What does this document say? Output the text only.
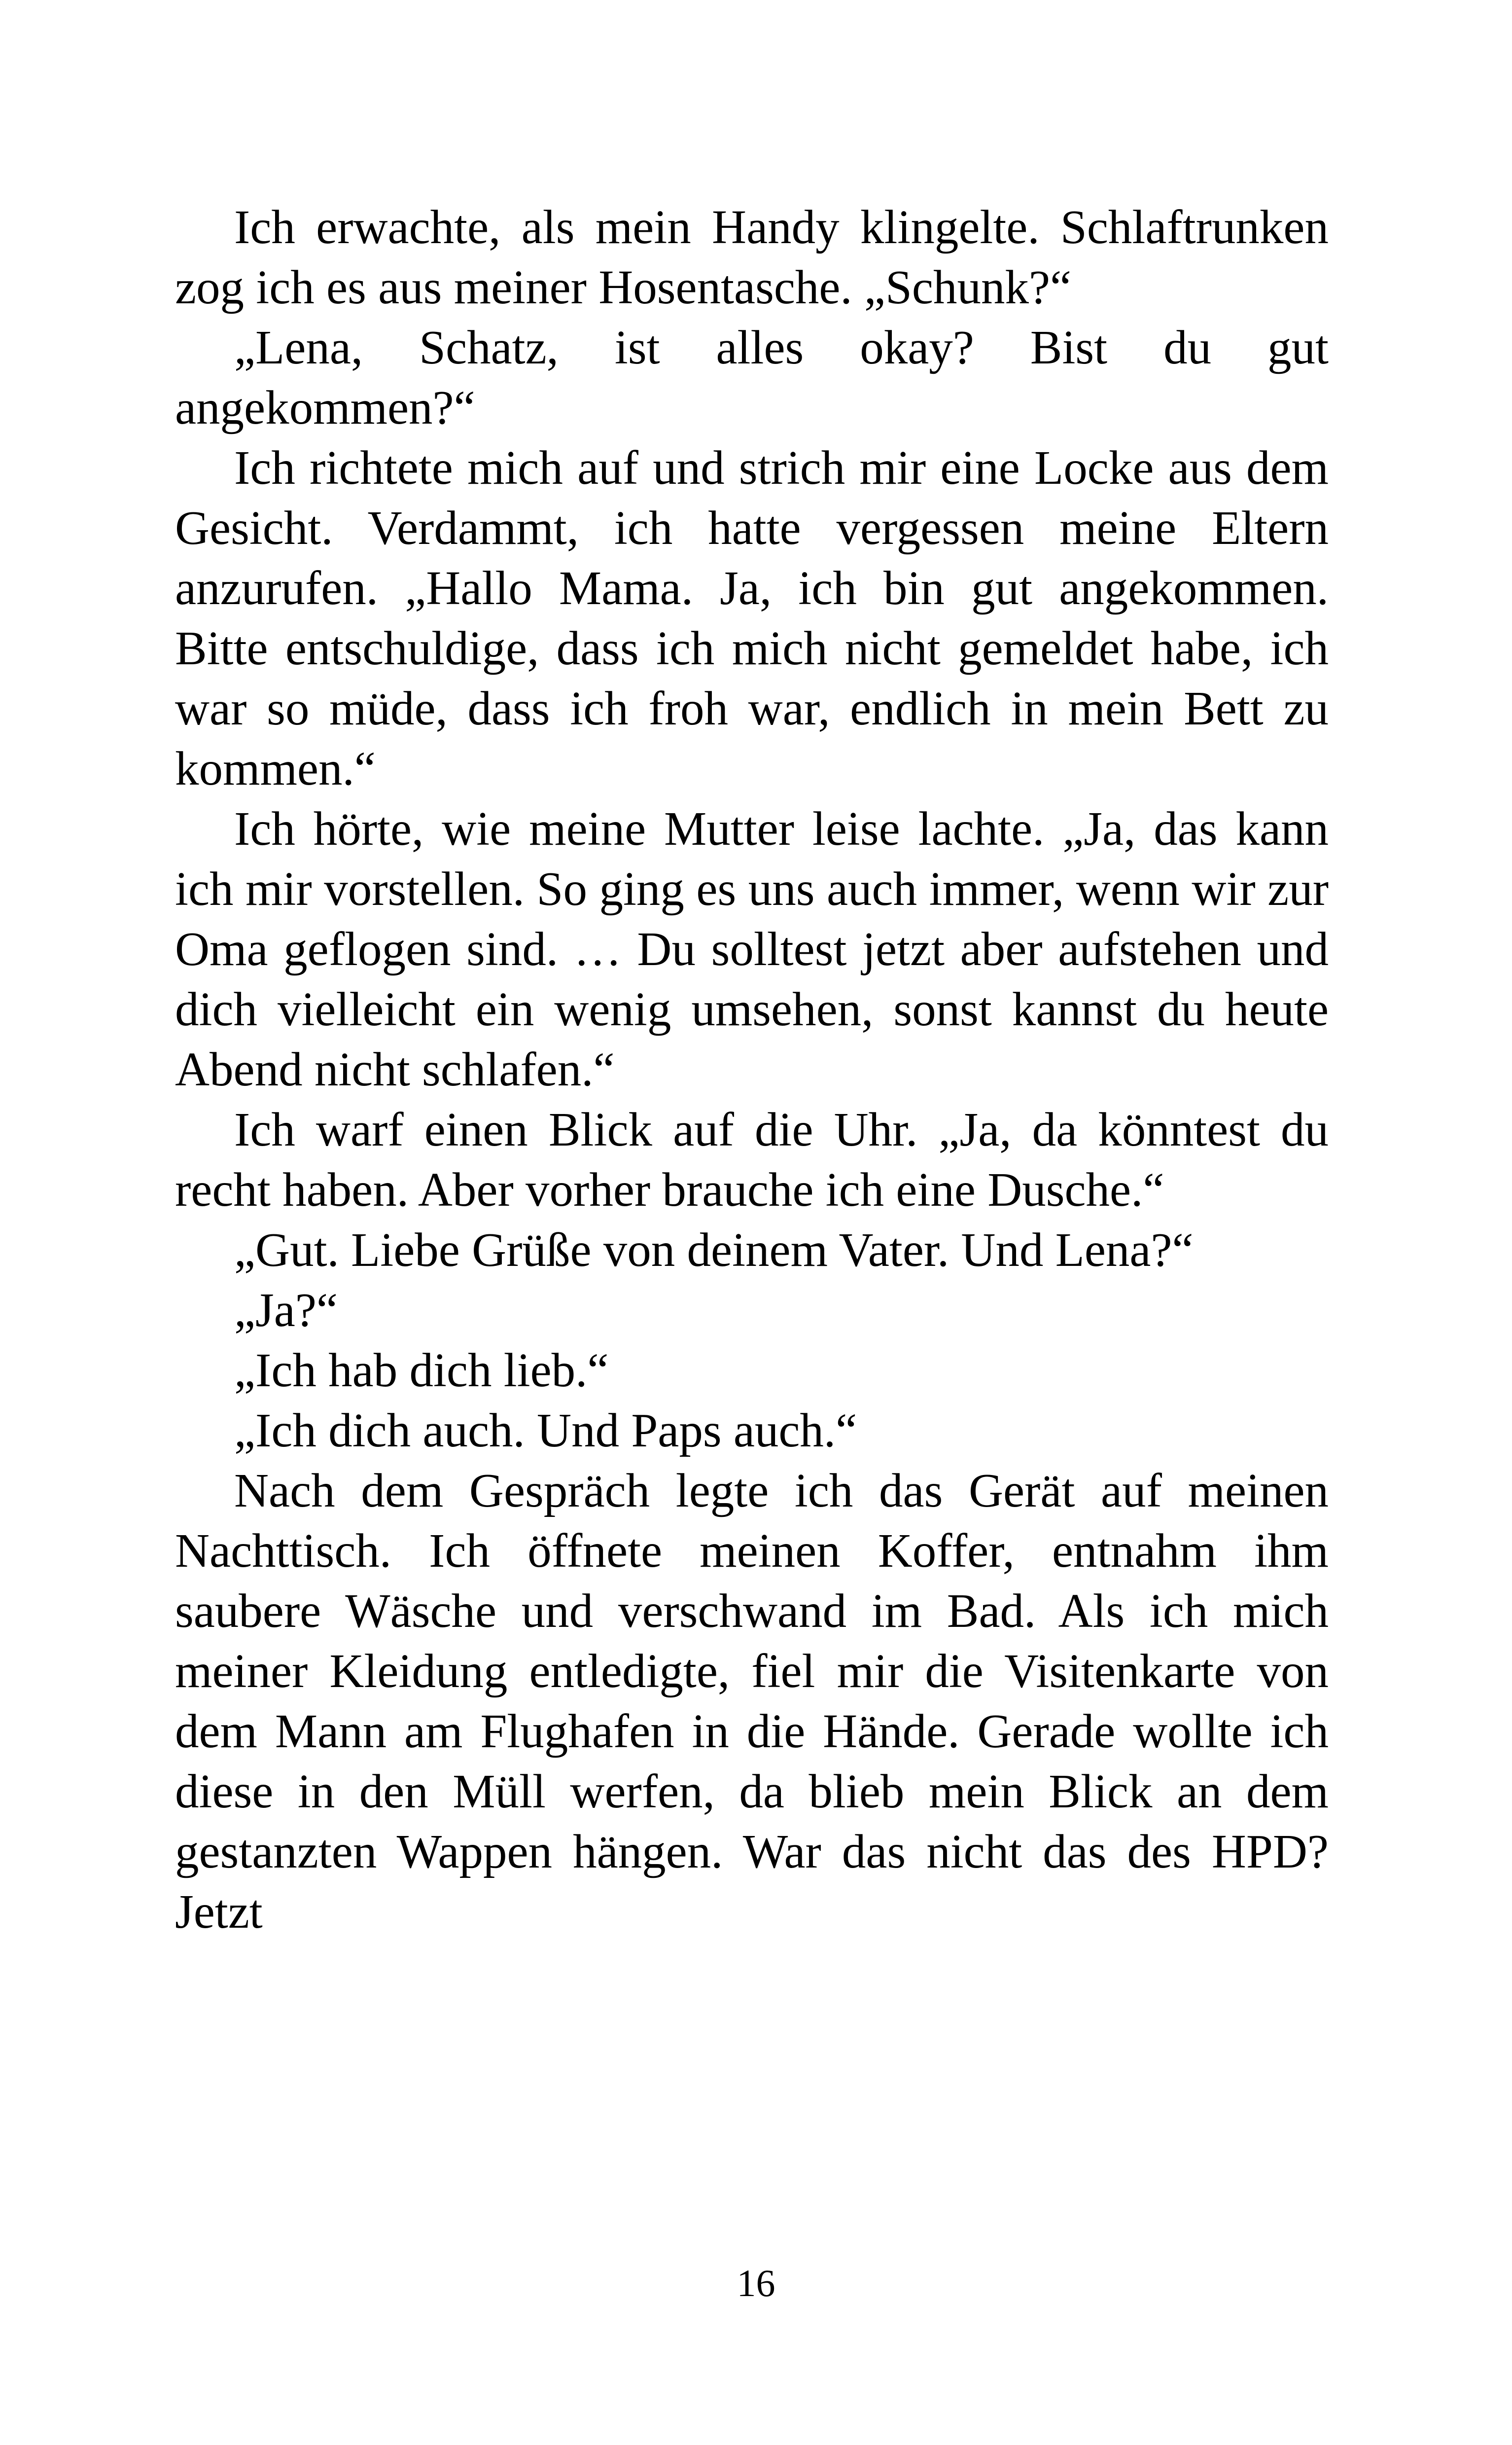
Ich erwachte, als mein Handy klingelte. Schlaftrunken zog ich es aus meiner Hosentasche. „Schunk?“

„Lena, Schatz, ist alles okay? Bist du gut angekommen?“

Ich richtete mich auf und strich mir eine Locke aus dem Gesicht. Verdammt, ich hatte vergessen meine Eltern anzurufen. „Hallo Mama. Ja, ich bin gut angekommen. Bitte entschuldige, dass ich mich nicht gemeldet habe, ich war so müde, dass ich froh war, endlich in mein Bett zu kommen.“

Ich hörte, wie meine Mutter leise lachte. „Ja, das kann ich mir vorstellen. So ging es uns auch immer, wenn wir zur Oma geflogen sind. … Du solltest jetzt aber aufstehen und dich vielleicht ein wenig umsehen, sonst kannst du heute Abend nicht schlafen.“

Ich warf einen Blick auf die Uhr. „Ja, da könntest du recht haben. Aber vorher brauche ich eine Dusche.“

„Gut. Liebe Grüße von deinem Vater. Und Lena?“

„Ja?“

„Ich hab dich lieb.“

„Ich dich auch. Und Paps auch.“

Nach dem Gespräch legte ich das Gerät auf meinen Nachttisch. Ich öffnete meinen Koffer, entnahm ihm saubere Wäsche und verschwand im Bad. Als ich mich meiner Kleidung entledigte, fiel mir die Visitenkarte von dem Mann am Flughafen in die Hände. Gerade wollte ich diese in den Müll werfen, da blieb mein Blick an dem gestanzten Wappen hängen. War das nicht das des HPD? Jetzt

16
